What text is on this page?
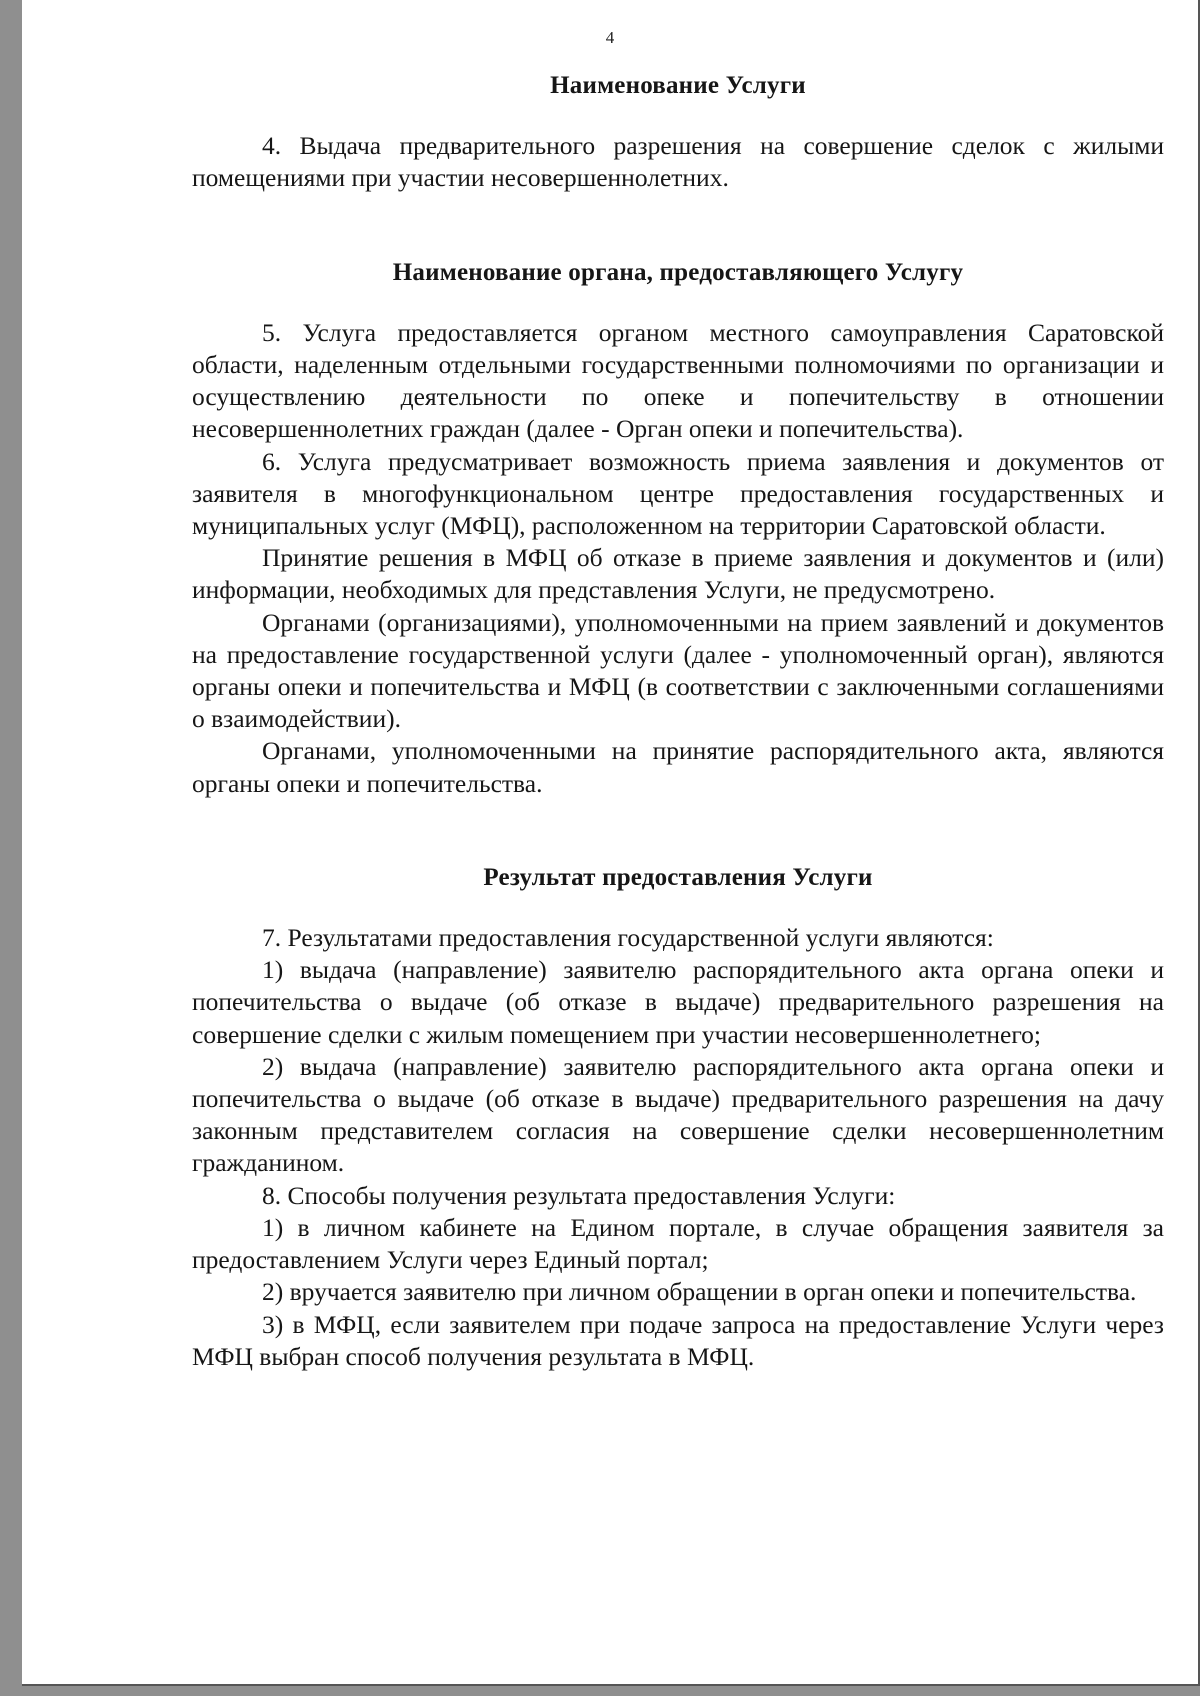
4
Наименование Услуги

4. Выдача предварительного разрешения на совершение сделок с жилыми помещениями при участии несовершеннолетних.

Наименование органа, предоставляющего Услугу

5. Услуга предоставляется органом местного самоуправления Саратовской области, наделенным отдельными государственными полномочиями по организации и осуществлению деятельности по опеке и попечительству в отношении несовершеннолетних граждан (далее - Орган опеки и попечительства).

6. Услуга предусматривает возможность приема заявления и документов от заявителя в многофункциональном центре предоставления государственных и муниципальных услуг (МФЦ), расположенном на территории Саратовской области.

Принятие решения в МФЦ об отказе в приеме заявления и документов и (или) информации, необходимых для представления Услуги, не предусмотрено.

Органами (организациями), уполномоченными на прием заявлений и документов на предоставление государственной услуги (далее - уполномоченный орган), являются органы опеки и попечительства и МФЦ (в соответствии с заключенными соглашениями о взаимодействии).

Органами, уполномоченными на принятие распорядительного акта, являются органы опеки и попечительства.

Результат предоставления Услуги

7. Результатами предоставления государственной услуги являются:

1) выдача (направление) заявителю распорядительного акта органа опеки и попечительства о выдаче (об отказе в выдаче) предварительного разрешения на совершение сделки с жилым помещением при участии несовершеннолетнего;

2) выдача (направление) заявителю распорядительного акта органа опеки и попечительства о выдаче (об отказе в выдаче) предварительного разрешения на дачу законным представителем согласия на совершение сделки несовершеннолетним гражданином.

8. Способы получения результата предоставления Услуги:

1) в личном кабинете на Едином портале, в случае обращения заявителя за предоставлением Услуги через Единый портал;

2) вручается заявителю при личном обращении в орган опеки и попечительства.

3) в МФЦ, если заявителем при подаче запроса на предоставление Услуги через МФЦ выбран способ получения результата в МФЦ.
